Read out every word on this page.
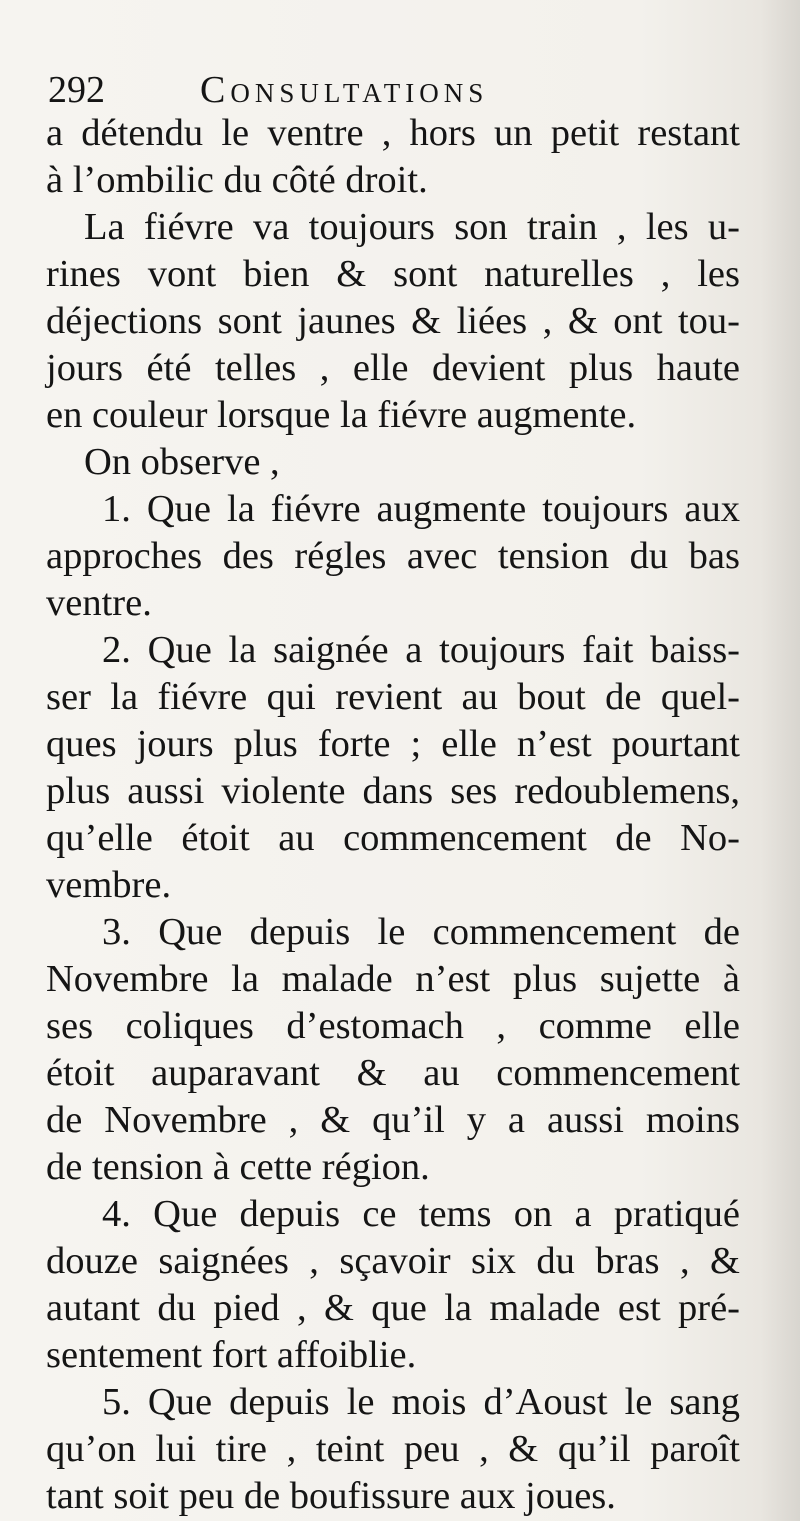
292	Consultations
a détendu le ventre , hors un petit restant
à l’ombilic du côté droit.
La fiévre va toujours son train , les u-
rines vont bien & sont naturelles , les
déjections sont jaunes & liées , & ont tou-
jours été telles , elle devient plus haute
en couleur lorsque la fiévre augmente.
On observe ,
1. Que la fiévre augmente toujours aux
approches des régles avec tension du bas
ventre.
2. Que la saignée a toujours fait baiss-
ser la fiévre qui revient au bout de quel-
ques jours plus forte ; elle n’est pourtant
plus aussi violente dans ses redoublemens,
qu’elle étoit au commencement de No-
vembre.
3. Que depuis le commencement de
Novembre la malade n’est plus sujette à
ses coliques d’estomach , comme elle
étoit auparavant & au commencement
de Novembre , & qu’il y a aussi moins
de tension à cette région.
4. Que depuis ce tems on a pratiqué
douze saignées , sçavoir six du bras , &
autant du pied , & que la malade est pré-
sentement fort affoiblie.
5. Que depuis le mois d’Aoust le sang
qu’on lui tire , teint peu , & qu’il paroît
tant soit peu de boufissure aux joues.
